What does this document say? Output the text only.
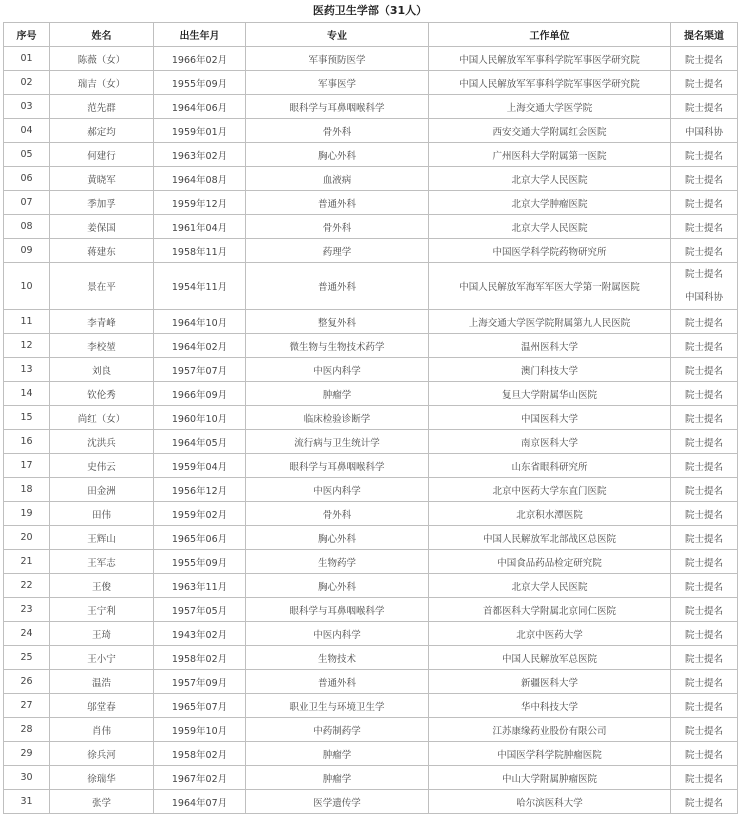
医药卫生学部（31人）
序号	姓名	出生年月	专业	工作单位	提名渠道
01	陈薇（女）	1966年02月	军事预防医学	中国人民解放军军事科学院军事医学研究院	院士提名
02	瑞吉（女）	1955年09月	军事医学	中国人民解放军军事科学院军事医学研究院	院士提名
03	范先群	1964年06月	眼科学与耳鼻咽喉科学	上海交通大学医学院	院士提名
04	郝定均	1959年01月	骨外科	西安交通大学附属红会医院	中国科协
05	何建行	1963年02月	胸心外科	广州医科大学附属第一医院	院士提名
06	黄晓军	1964年08月	血液病	北京大学人民医院	院士提名
07	季加孚	1959年12月	普通外科	北京大学肿瘤医院	院士提名
08	姜保国	1961年04月	骨外科	北京大学人民医院	院士提名
09	蒋建东	1958年11月	药理学	中国医学科学院药物研究所	院士提名
10	景在平	1954年11月	普通外科	中国人民解放军海军军医大学第一附属医院	院士提名
中国科协

11	李青峰	1964年10月	整复外科	上海交通大学医学院附属第九人民医院	院士提名
12	李校堃	1964年02月	微生物与生物技术药学	温州医科大学	院士提名
13	刘良	1957年07月	中医内科学	澳门科技大学	院士提名
14	钦伦秀	1966年09月	肿瘤学	复旦大学附属华山医院	院士提名
15	尚红（女）	1960年10月	临床检验诊断学	中国医科大学	院士提名
16	沈洪兵	1964年05月	流行病与卫生统计学	南京医科大学	院士提名
17	史伟云	1959年04月	眼科学与耳鼻咽喉科学	山东省眼科研究所	院士提名
18	田金洲	1956年12月	中医内科学	北京中医药大学东直门医院	院士提名
19	田伟	1959年02月	骨外科	北京积水潭医院	院士提名
20	王辉山	1965年06月	胸心外科	中国人民解放军北部战区总医院	院士提名
21	王军志	1955年09月	生物药学	中国食品药品检定研究院	院士提名
22	王俊	1963年11月	胸心外科	北京大学人民医院	院士提名
23	王宁利	1957年05月	眼科学与耳鼻咽喉科学	首都医科大学附属北京同仁医院	院士提名
24	王琦	1943年02月	中医内科学	北京中医药大学	院士提名
25	王小宁	1958年02月	生物技术	中国人民解放军总医院	院士提名
26	温浩	1957年09月	普通外科	新疆医科大学	院士提名
27	邬堂春	1965年07月	职业卫生与环境卫生学	华中科技大学	院士提名
28	肖伟	1959年10月	中药制药学	江苏康缘药业股份有限公司	院士提名
29	徐兵河	1958年02月	肿瘤学	中国医学科学院肿瘤医院	院士提名
30	徐瑞华	1967年02月	肿瘤学	中山大学附属肿瘤医院	院士提名
31	张学	1964年07月	医学遗传学	哈尔滨医科大学	院士提名
